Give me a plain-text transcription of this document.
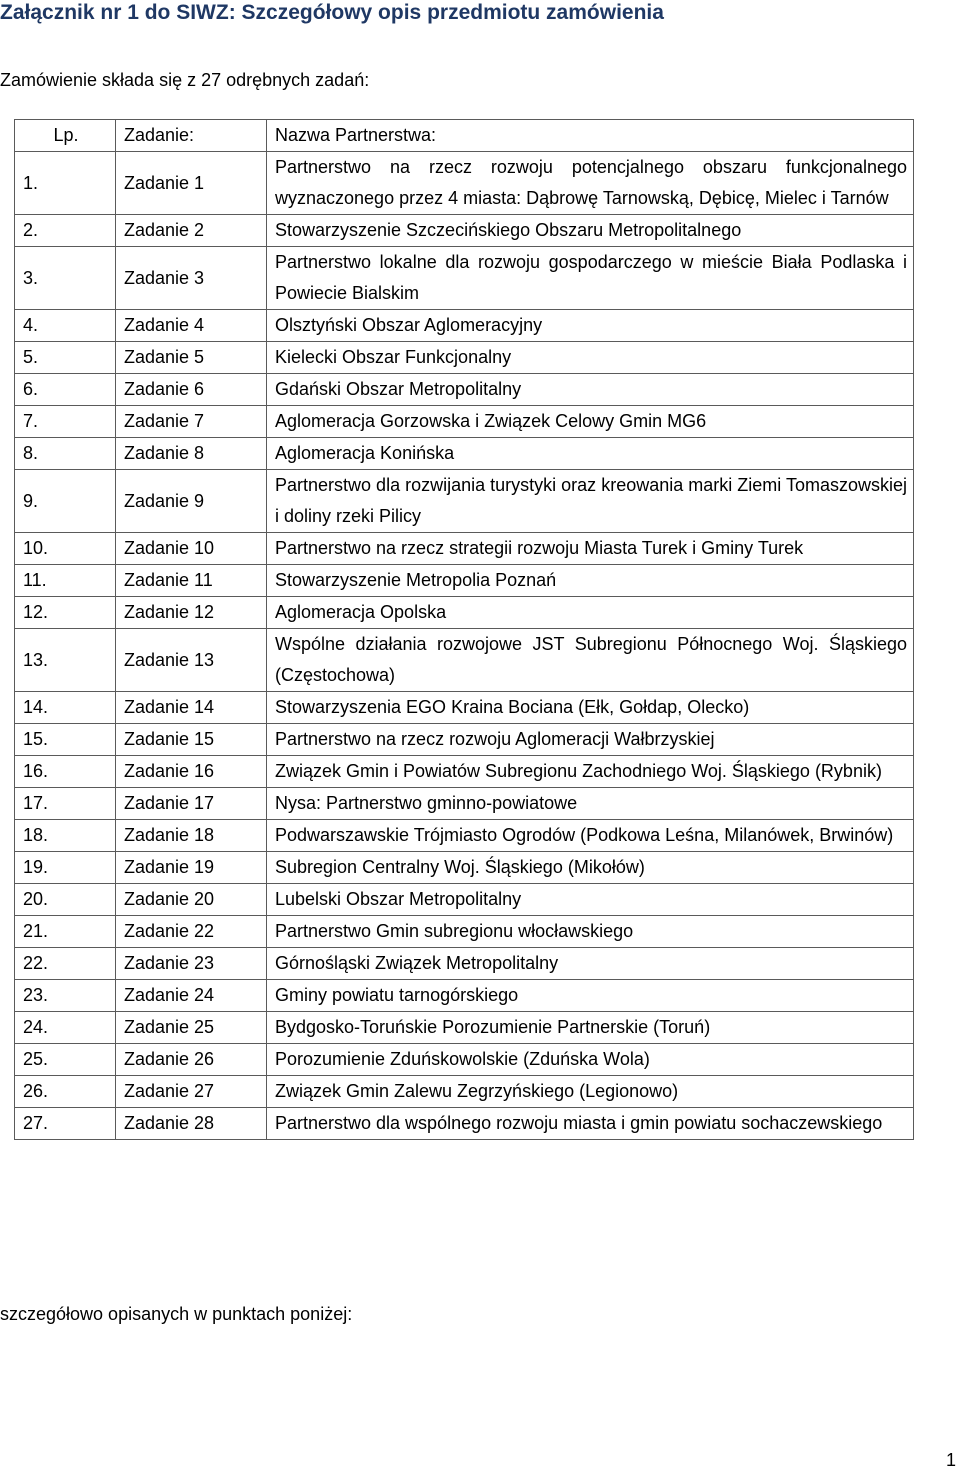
Załącznik nr 1 do SIWZ: Szczegółowy opis przedmiotu zamówienia
Zamówienie składa się z 27 odrębnych zadań:
Lp.	Zadanie:	Nazwa Partnerstwa:
1.	Zadanie 1	Partnerstwo na rzecz rozwoju potencjalnego obszaru funkcjonalnego wyznaczonego przez 4 miasta: Dąbrowę Tarnowską, Dębicę, Mielec i Tarnów
2.	Zadanie 2	Stowarzyszenie Szczecińskiego Obszaru Metropolitalnego
3.	Zadanie 3	Partnerstwo lokalne dla rozwoju gospodarczego w mieście Biała Podlaska i Powiecie Bialskim
4.	Zadanie 4	Olsztyński Obszar Aglomeracyjny
5.	Zadanie 5	Kielecki Obszar Funkcjonalny
6.	Zadanie 6	Gdański Obszar Metropolitalny
7.	Zadanie 7	Aglomeracja Gorzowska i Związek Celowy Gmin MG6
8.	Zadanie 8	Aglomeracja Konińska
9.	Zadanie 9	Partnerstwo dla rozwijania turystyki oraz kreowania marki Ziemi Tomaszowskiej i doliny rzeki Pilicy
10.	Zadanie 10	Partnerstwo na rzecz strategii rozwoju Miasta Turek i Gminy Turek
11.	Zadanie 11	Stowarzyszenie Metropolia Poznań
12.	Zadanie 12	Aglomeracja Opolska
13.	Zadanie 13	Wspólne działania rozwojowe JST Subregionu Północnego Woj. Śląskiego (Częstochowa)
14.	Zadanie 14	Stowarzyszenia EGO Kraina Bociana (Ełk, Gołdap, Olecko)
15.	Zadanie 15	Partnerstwo na rzecz rozwoju Aglomeracji Wałbrzyskiej
16.	Zadanie 16	Związek Gmin i Powiatów Subregionu Zachodniego Woj. Śląskiego (Rybnik)
17.	Zadanie 17	Nysa: Partnerstwo gminno-powiatowe
18.	Zadanie 18	Podwarszawskie Trójmiasto Ogrodów (Podkowa Leśna, Milanówek, Brwinów)
19.	Zadanie 19	Subregion Centralny Woj. Śląskiego (Mikołów)
20.	Zadanie 20	Lubelski Obszar Metropolitalny
21.	Zadanie 22	Partnerstwo Gmin subregionu włocławskiego
22.	Zadanie 23	Górnośląski Związek Metropolitalny
23.	Zadanie 24	Gminy powiatu tarnogórskiego
24.	Zadanie 25	Bydgosko-Toruńskie Porozumienie Partnerskie (Toruń)
25.	Zadanie 26	Porozumienie Zduńskowolskie (Zduńska Wola)
26.	Zadanie 27	Związek Gmin Zalewu Zegrzyńskiego (Legionowo)
27.	Zadanie 28	Partnerstwo dla wspólnego rozwoju miasta i gmin powiatu sochaczewskiego
szczegółowo opisanych w punktach poniżej:
1
